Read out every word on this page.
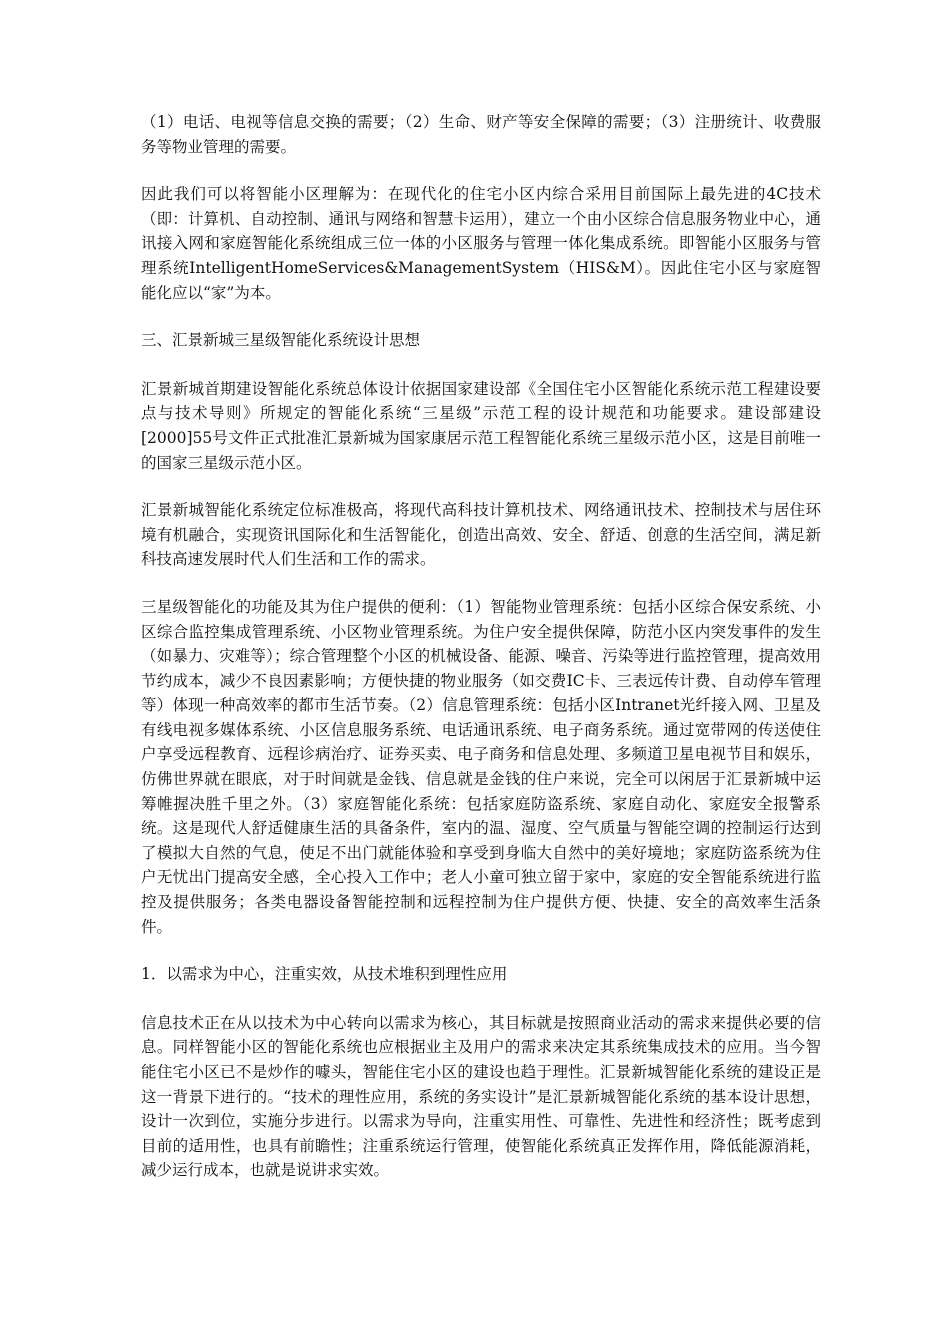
（1）电话、电视等信息交换的需要；（2）生命、财产等安全保障的需要；（3）注册统计、收费服务等物业管理的需要。

因此我们可以将智能小区理解为：在现代化的住宅小区内综合采用目前国际上最先进的4C技术（即：计算机、自动控制、通讯与网络和智慧卡运用），建立一个由小区综合信息服务物业中心，通讯接入网和家庭智能化系统组成三位一体的小区服务与管理一体化集成系统。即智能小区服务与管理系统IntelligentHomeServices&ManagementSystem（HIS&M）。因此住宅小区与家庭智能化应以“家”为本。

三、汇景新城三星级智能化系统设计思想

汇景新城首期建设智能化系统总体设计依据国家建设部《全国住宅小区智能化系统示范工程建设要点与技术导则》所规定的智能化系统“三星级”示范工程的设计规范和功能要求。建设部建设[2000]55号文件正式批准汇景新城为国家康居示范工程智能化系统三星级示范小区，这是目前唯一的国家三星级示范小区。

汇景新城智能化系统定位标准极高，将现代高科技计算机技术、网络通讯技术、控制技术与居住环境有机融合，实现资讯国际化和生活智能化，创造出高效、安全、舒适、创意的生活空间，满足新科技高速发展时代人们生活和工作的需求。

三星级智能化的功能及其为住户提供的便利：（1）智能物业管理系统：包括小区综合保安系统、小区综合监控集成管理系统、小区物业管理系统。为住户安全提供保障，防范小区内突发事件的发生（如暴力、灾难等）；综合管理整个小区的机械设备、能源、噪音、污染等进行监控管理，提高效用节约成本，减少不良因素影响；方便快捷的物业服务（如交费IC卡、三表远传计费、自动停车管理等）体现一种高效率的都市生活节奏。（2）信息管理系统：包括小区Intranet光纤接入网、卫星及有线电视多媒体系统、小区信息服务系统、电话通讯系统、电子商务系统。通过宽带网的传送使住户享受远程教育、远程诊病治疗、证券买卖、电子商务和信息处理、多频道卫星电视节目和娱乐，仿佛世界就在眼底，对于时间就是金钱、信息就是金钱的住户来说，完全可以闲居于汇景新城中运筹帷握决胜千里之外。（3）家庭智能化系统：包括家庭防盗系统、家庭自动化、家庭安全报警系统。这是现代人舒适健康生活的具备条件，室内的温、湿度、空气质量与智能空调的控制运行达到了模拟大自然的气息，使足不出门就能体验和享受到身临大自然中的美好境地；家庭防盗系统为住户无忧出门提高安全感，全心投入工作中；老人小童可独立留于家中，家庭的安全智能系统进行监控及提供服务；各类电器设备智能控制和远程控制为住户提供方便、快捷、安全的高效率生活条件。

1．以需求为中心，注重实效，从技术堆积到理性应用

信息技术正在从以技术为中心转向以需求为核心，其目标就是按照商业活动的需求来提供必要的信息。同样智能小区的智能化系统也应根据业主及用户的需求来决定其系统集成技术的应用。当今智能住宅小区已不是炒作的噱头，智能住宅小区的建设也趋于理性。汇景新城智能化系统的建设正是这一背景下进行的。“技术的理性应用，系统的务实设计”是汇景新城智能化系统的基本设计思想，设计一次到位，实施分步进行。以需求为导向，注重实用性、可靠性、先进性和经济性；既考虑到目前的适用性，也具有前瞻性；注重系统运行管理，使智能化系统真正发挥作用，降低能源消耗，减少运行成本，也就是说讲求实效。
